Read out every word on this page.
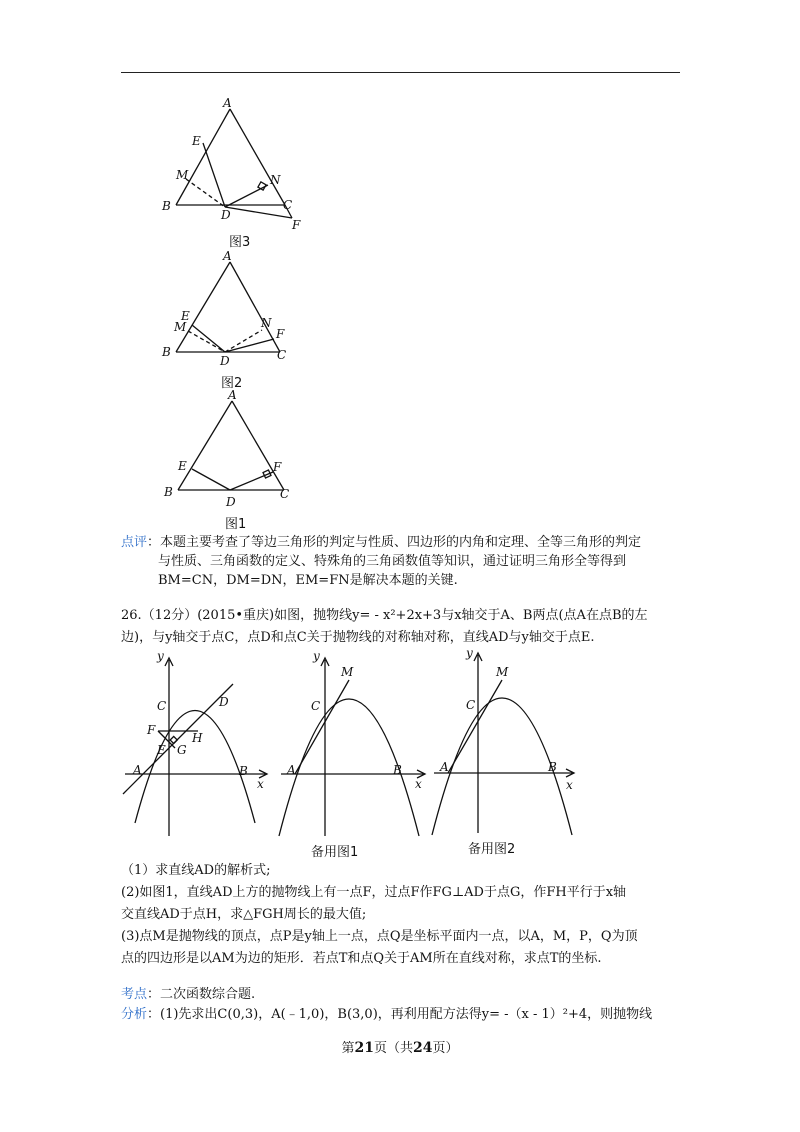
A
E
M	N
B
D
C
F
图3
A
E
M	N
F
B
D	C
图2
A
E	F
B
D
C
图1
点评：本题主要考查了等边三角形的判定与性质、四边形的内角和定理、全等三角形的判定
与性质、三角函数的定义、特殊角的三角函数值等知识，通过证明三角形全等得到
BM=CN，DM=DN，EM=FN是解决本题的关键.
26.（12分）(2015•重庆)如图，抛物线y= - x²+2x+3与x轴交于A、B两点(点A在点B的左
边)，与y轴交于点C，点D和点C关于抛物线的对称轴对称，直线AD与y轴交于点E.
y
x
C	D
F
H
E G
A	B
y
x
M
C
A	B
备用图1
y
x
M
C
A	B
备用图2
（1）求直线AD的解析式;
(2)如图1，直线AD上方的抛物线上有一点F，过点F作FG⊥AD于点G，作FH平行于x轴
交直线AD于点H，求△FGH周长的最大值;
(3)点M是抛物线的顶点，点P是y轴上一点，点Q是坐标平面内一点，以A，M，P，Q为顶
点的四边形是以AM为边的矩形．若点T和点Q关于AM所在直线对称，求点T的坐标.
考点：二次函数综合题.
分析：(1)先求出C(0,3)，A(﹣1,0)，B(3,0)，再利用配方法得y= -（x - 1）²+4，则抛物线
第21页（共24页）
